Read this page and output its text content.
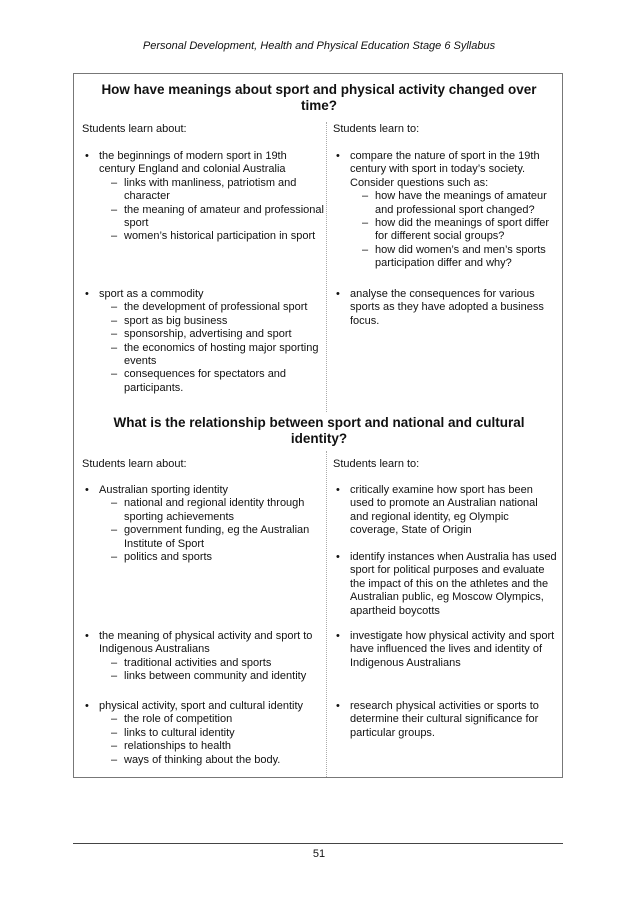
Personal Development, Health and Physical Education Stage 6 Syllabus
How have meanings about sport and physical activity changed over
time?
Students learn about:	Students learn to:
• the beginnings of modern sport in 19th century England and colonial Australia
– links with manliness, patriotism and character
– the meaning of amateur and professional sport
– women’s historical participation in sport
• sport as a commodity
– the development of professional sport
– sport as big business
– sponsorship, advertising and sport
– the economics of hosting major sporting events
– consequences for spectators and participants.
• compare the nature of sport in the 19th century with sport in today’s society. Consider questions such as:
– how have the meanings of amateur and professional sport changed?
– how did the meanings of sport differ for different social groups?
– how did women’s and men’s sports participation differ and why?
• analyse the consequences for various sports as they have adopted a business focus.
What is the relationship between sport and national and cultural
identity?
Students learn about:	Students learn to:
• Australian sporting identity
– national and regional identity through sporting achievements
– government funding, eg the Australian Institute of Sport
– politics and sports
• the meaning of physical activity and sport to Indigenous Australians
– traditional activities and sports
– links between community and identity
• physical activity, sport and cultural identity
– the role of competition
– links to cultural identity
– relationships to health
– ways of thinking about the body.
• critically examine how sport has been used to promote an Australian national and regional identity, eg Olympic coverage, State of Origin
• identify instances when Australia has used sport for political purposes and evaluate the impact of this on the athletes and the Australian public, eg Moscow Olympics, apartheid boycotts
• investigate how physical activity and sport have influenced the lives and identity of Indigenous Australians
• research physical activities or sports to determine their cultural significance for particular groups.
51
